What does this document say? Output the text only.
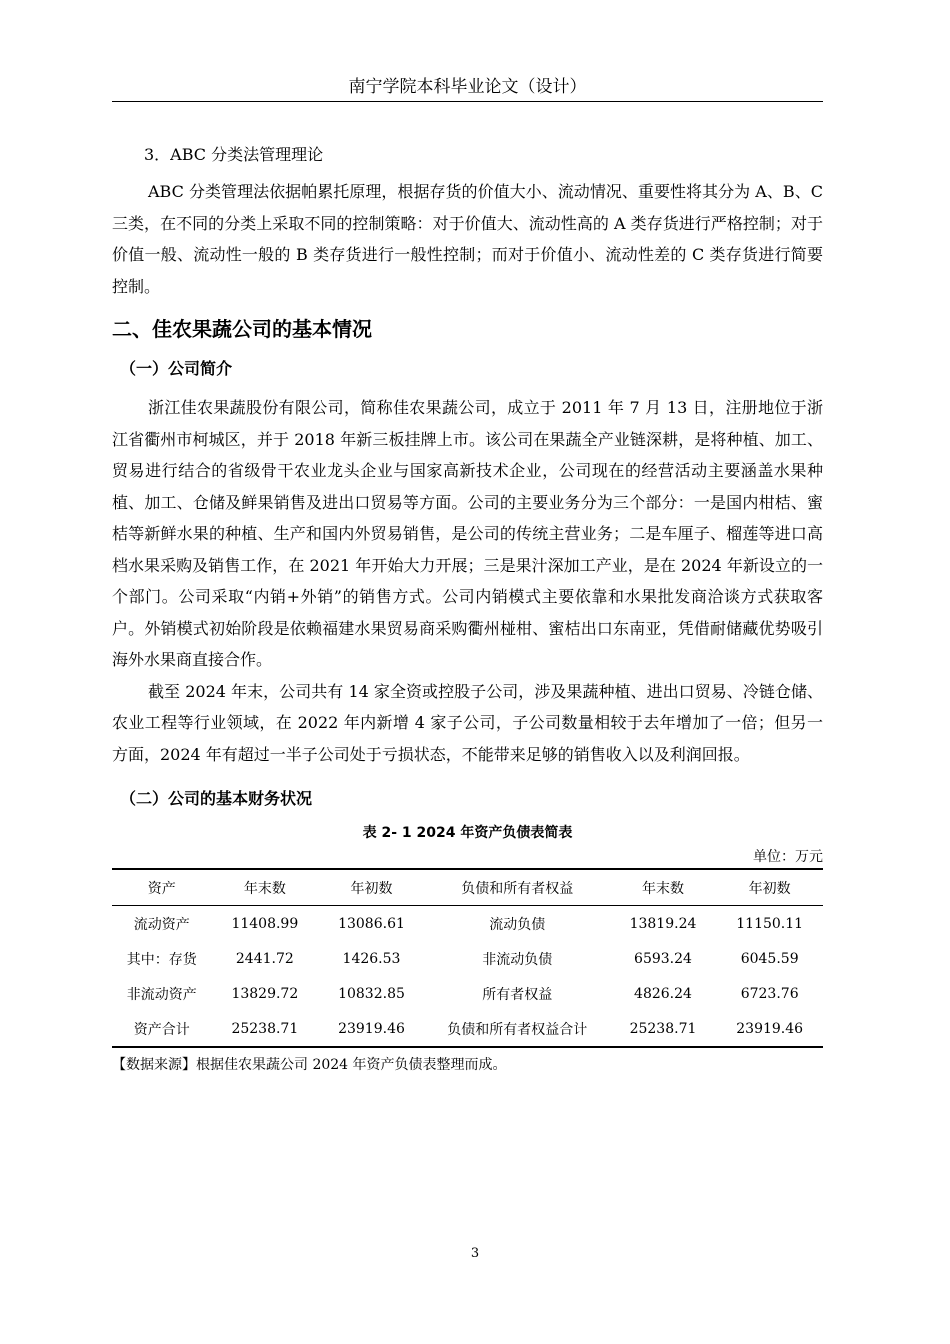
南宁学院本科毕业论文（设计）
3．ABC 分类法管理理论

ABC 分类管理法依据帕累托原理，根据存货的价值大小、流动情况、重要性将其分为 A、B、C 三类，在不同的分类上采取不同的控制策略：对于价值大、流动性高的 A 类存货进行严格控制；对于价值一般、流动性一般的 B 类存货进行一般性控制；而对于价值小、流动性差的 C 类存货进行简要控制。

二、佳农果蔬公司的基本情况
（一）公司简介

浙江佳农果蔬股份有限公司，简称佳农果蔬公司，成立于 2011 年 7 月 13 日，注册地位于浙江省衢州市柯城区，并于 2018 年新三板挂牌上市。该公司在果蔬全产业链深耕，是将种植、加工、贸易进行结合的省级骨干农业龙头企业与国家高新技术企业，公司现在的经营活动主要涵盖水果种植、加工、仓储及鲜果销售及进出口贸易等方面。公司的主要业务分为三个部分：一是国内柑桔、蜜桔等新鲜水果的种植、生产和国内外贸易销售，是公司的传统主营业务；二是车厘子、榴莲等进口高档水果采购及销售工作，在 2021 年开始大力开展；三是果汁深加工产业，是在 2024 年新设立的一个部门。公司采取“内销+外销”的销售方式。公司内销模式主要依靠和水果批发商洽谈方式获取客户。外销模式初始阶段是依赖福建水果贸易商采购衢州椪柑、蜜桔出口东南亚，凭借耐储藏优势吸引海外水果商直接合作。

截至 2024 年末，公司共有 14 家全资或控股子公司，涉及果蔬种植、进出口贸易、冷链仓储、农业工程等行业领域，在 2022 年内新增 4 家子公司，子公司数量相较于去年增加了一倍；但另一方面，2024 年有超过一半子公司处于亏损状态，不能带来足够的销售收入以及利润回报。

（二）公司的基本财务状况
表 2- 1 2024 年资产负债表简表
单位：万元
资产	年末数	年初数	负债和所有者权益	年末数	年初数
流动资产	11408.99	13086.61	流动负债	13819.24	11150.11
其中：存货	2441.72	1426.53	非流动负债	6593.24	6045.59
非流动资产	13829.72	10832.85	所有者权益	4826.24	6723.76
资产合计	25238.71	23919.46	负债和所有者权益合计	25238.71	23919.46
【数据来源】根据佳农果蔬公司 2024 年资产负债表整理而成。
3
